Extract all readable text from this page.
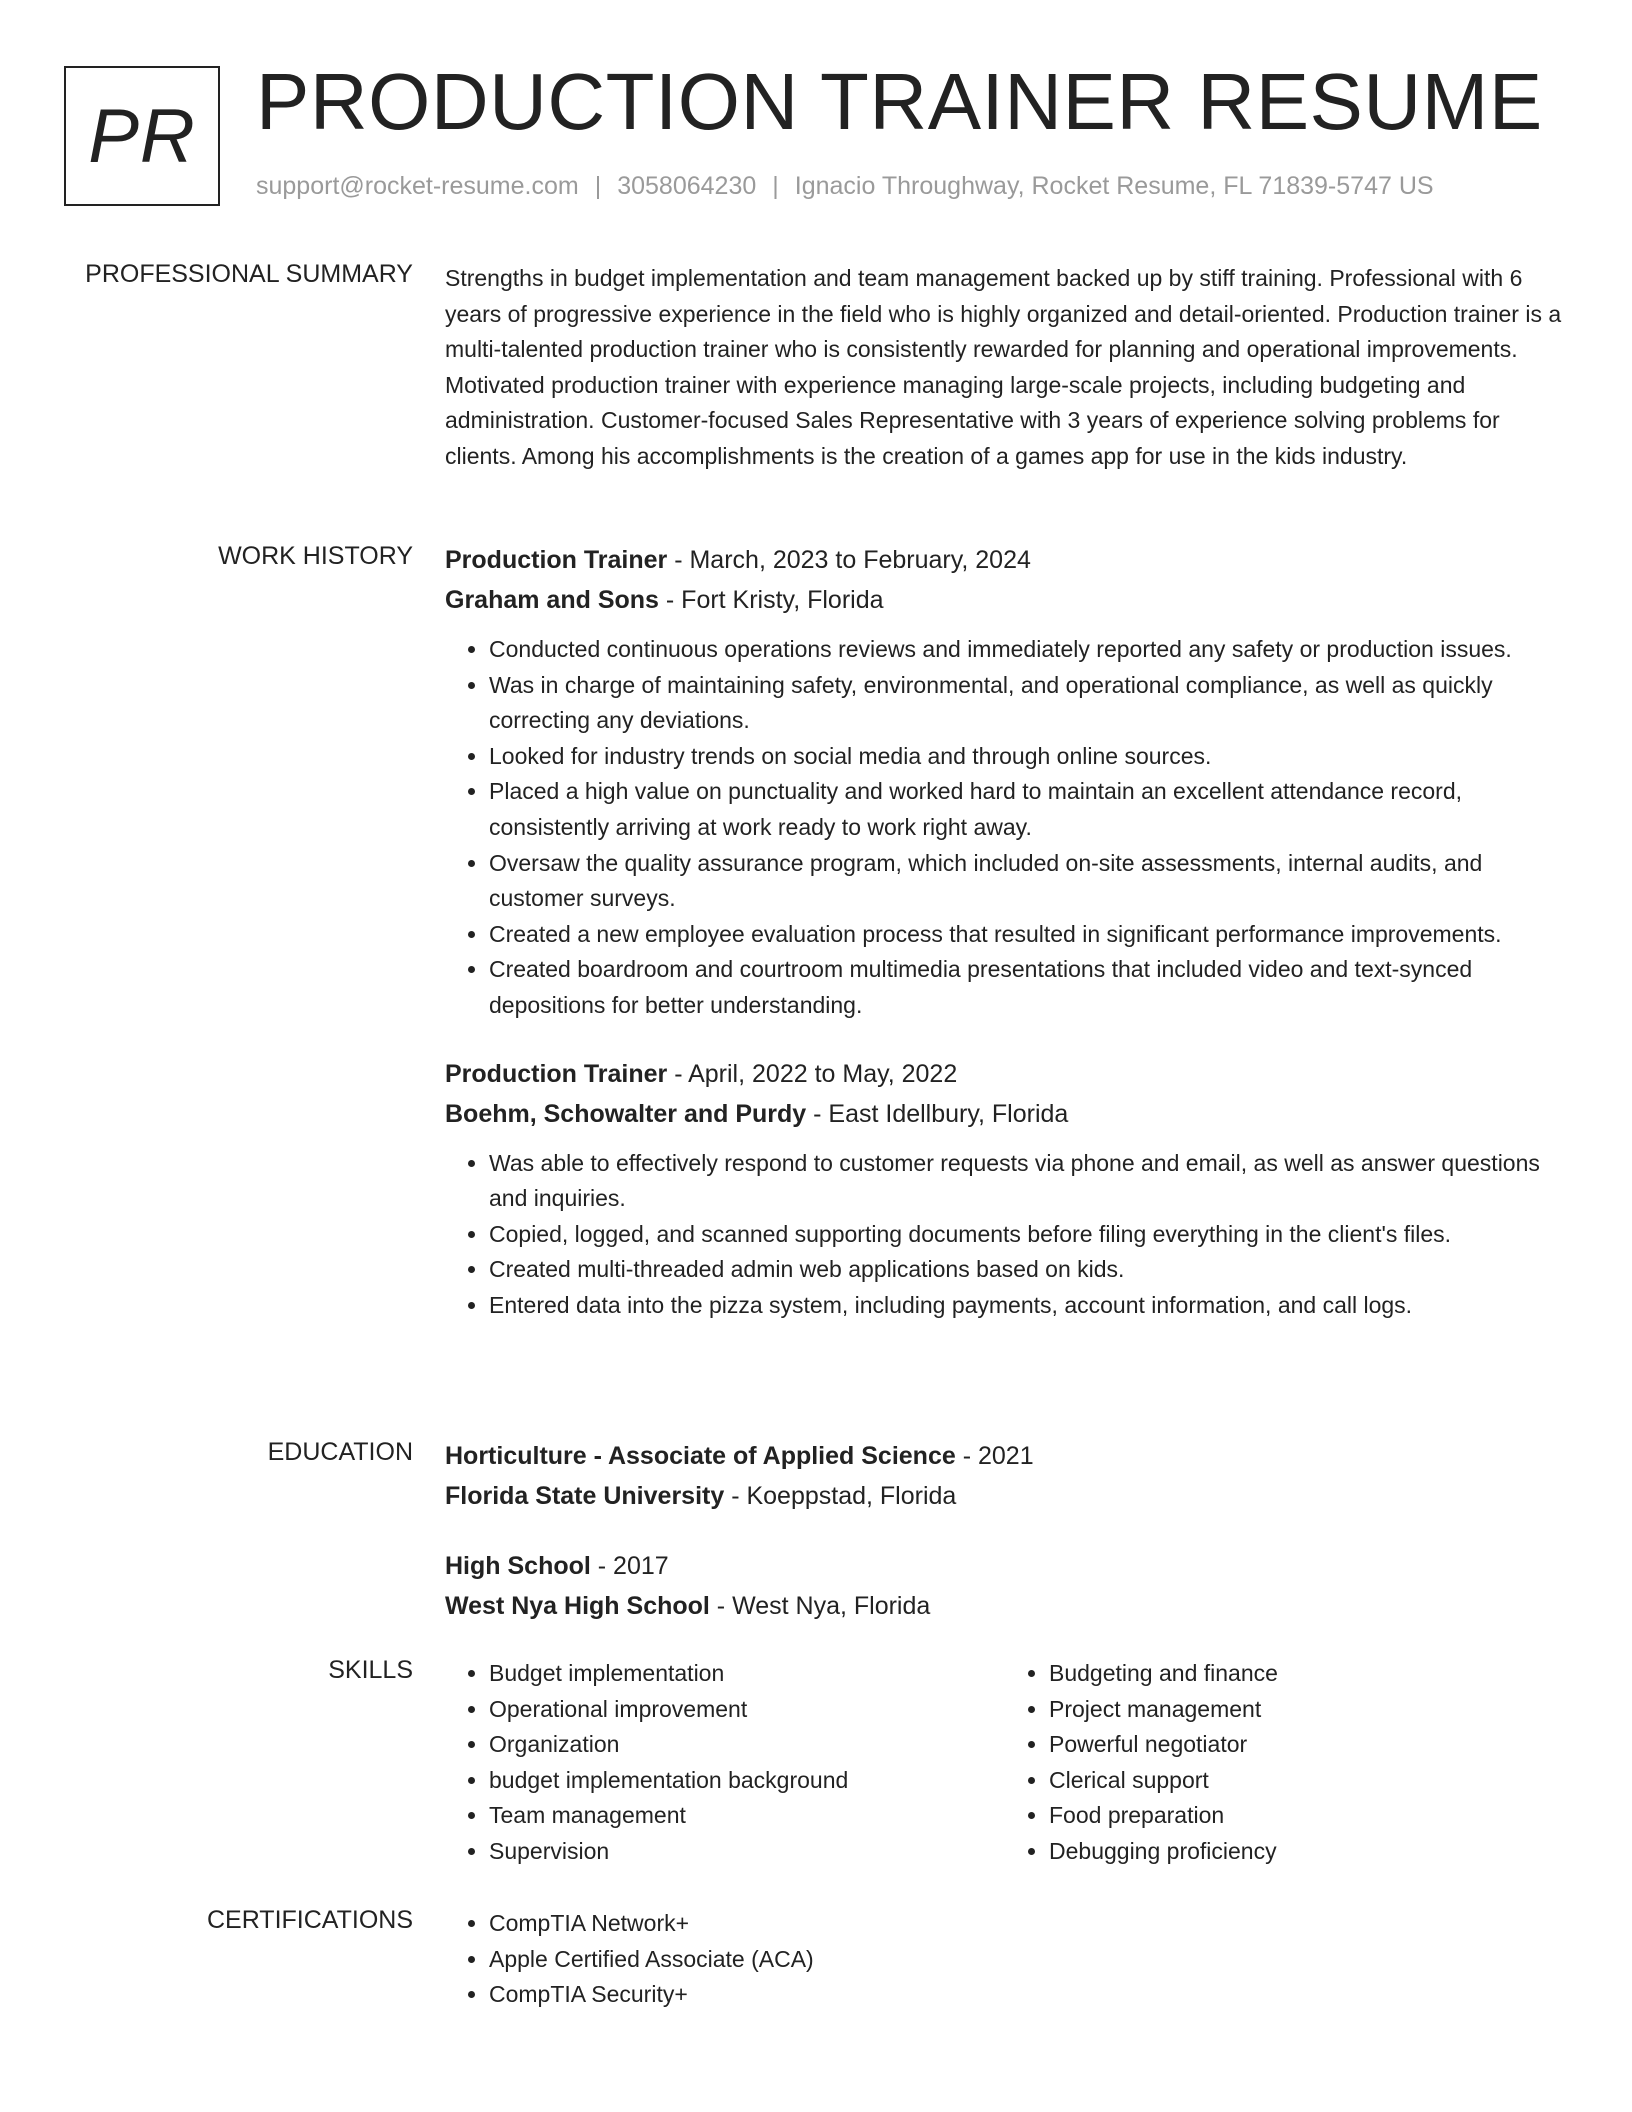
PR PRODUCTION TRAINER RESUME
support@rocket-resume.com | 3058064230 | Ignacio Throughway, Rocket Resume, FL 71839-5747 US
PROFESSIONAL SUMMARY Strengths in budget implementation and team management backed up by stiff training. Professional with 6 years of progressive experience in the field who is highly organized and detail-oriented. Production trainer is a multi-talented production trainer who is consistently rewarded for planning and operational improvements. Motivated production trainer with experience managing large-scale projects, including budgeting and administration. Customer-focused Sales Representative with 3 years of experience solving problems for clients. Among his accomplishments is the creation of a games app for use in the kids industry.

WORK HISTORY Production Trainer - March, 2023 to February, 2024
Graham and Sons - Fort Kristy, Florida
• Conducted continuous operations reviews and immediately reported any safety or production issues.
• Was in charge of maintaining safety, environmental, and operational compliance, as well as quickly correcting any deviations.
• Looked for industry trends on social media and through online sources.
• Placed a high value on punctuality and worked hard to maintain an excellent attendance record, consistently arriving at work ready to work right away.
• Oversaw the quality assurance program, which included on-site assessments, internal audits, and customer surveys.
• Created a new employee evaluation process that resulted in significant performance improvements.
• Created boardroom and courtroom multimedia presentations that included video and text-synced depositions for better understanding.
Production Trainer - April, 2022 to May, 2022
Boehm, Schowalter and Purdy - East Idellbury, Florida
• Was able to effectively respond to customer requests via phone and email, as well as answer questions and inquiries.
• Copied, logged, and scanned supporting documents before filing everything in the client's files.
• Created multi-threaded admin web applications based on kids.
• Entered data into the pizza system, including payments, account information, and call logs.
EDUCATION Horticulture - Associate of Applied Science - 2021
Florida State University - Koeppstad, Florida
High School - 2017
West Nya High School - West Nya, Florida
SKILLS	• Budget implementation
• Operational improvement
• Organization
• budget implementation background
• Team management
• Supervision
• Budgeting and finance
• Project management
• Powerful negotiator
• Clerical support
• Food preparation
• Debugging proficiency
CERTIFICATIONS	• CompTIA Network+
• Apple Certified Associate (ACA)
• CompTIA Security+
